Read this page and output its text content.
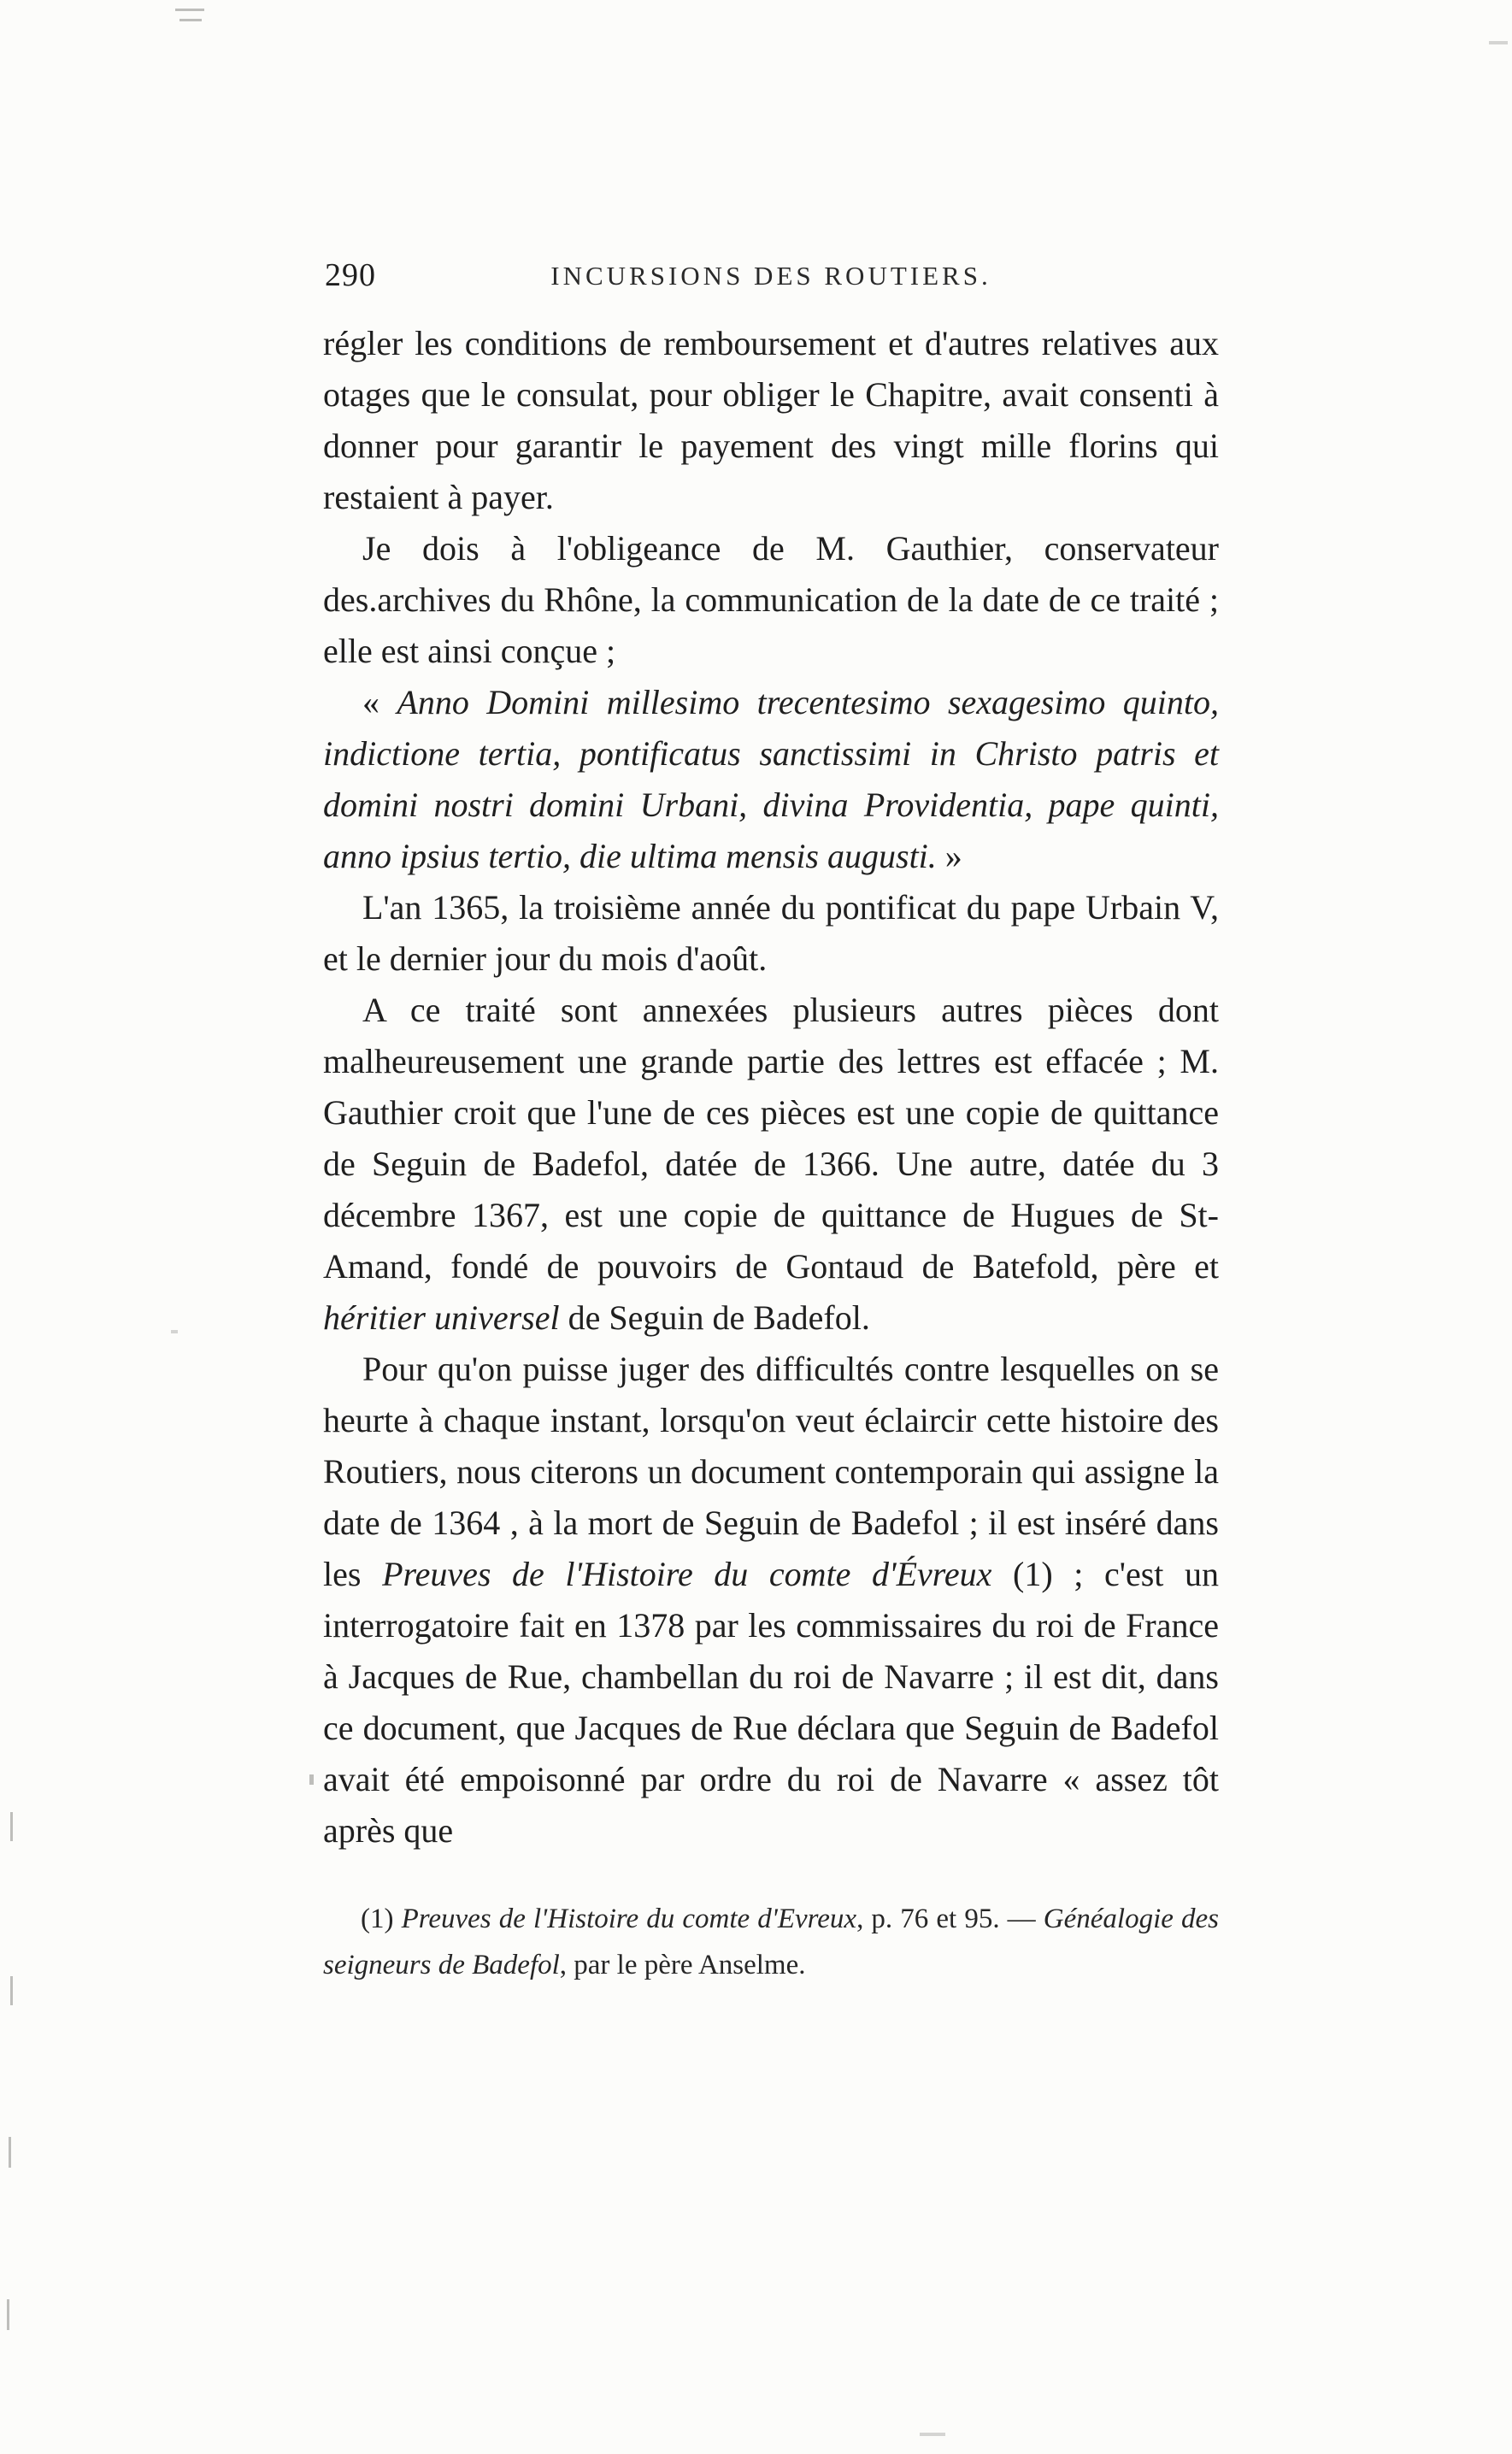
290	INCURSIONS DES ROUTIERS.

régler les conditions de remboursement et d'autres relatives aux otages que le consulat, pour obliger le Chapitre, avait consenti à donner pour garantir le payement des vingt mille florins qui restaient à payer.

Je dois à l'obligeance de M. Gauthier, conservateur des.archives du Rhône, la communication de la date de ce traité ; elle est ainsi conçue ;

« Anno Domini millesimo trecentesimo sexagesimo quinto, indictione tertia, pontificatus sanctissimi in Christo patris et domini nostri domini Urbani, divina Providentia, pape quinti, anno ipsius tertio, die ultima mensis augusti. »

L'an 1365, la troisième année du pontificat du pape Urbain V, et le dernier jour du mois d'août.

A ce traité sont annexées plusieurs autres pièces dont malheureusement une grande partie des lettres est effacée ; M. Gauthier croit que l'une de ces pièces est une copie de quittance de Seguin de Badefol, datée de 1366. Une autre, datée du 3 décembre 1367, est une copie de quittance de Hugues de St-Amand, fondé de pouvoirs de Gontaud de Batefold, père et héritier universel de Seguin de Badefol.

Pour qu'on puisse juger des difficultés contre lesquelles on se heurte à chaque instant, lorsqu'on veut éclaircir cette histoire des Routiers, nous citerons un document contemporain qui assigne la date de 1364 , à la mort de Seguin de Badefol ; il est inséré dans les Preuves de l'Histoire du comte d'Évreux (1) ; c'est un interrogatoire fait en 1378 par les commissaires du roi de France à Jacques de Rue, chambellan du roi de Navarre ; il est dit, dans ce document, que Jacques de Rue déclara que Seguin de Badefol avait été empoisonné par ordre du roi de Navarre « assez tôt après que

(1) Preuves de l'Histoire du comte d'Evreux, p. 76 et 95. — Généalogie des seigneurs de Badefol, par le père Anselme.
